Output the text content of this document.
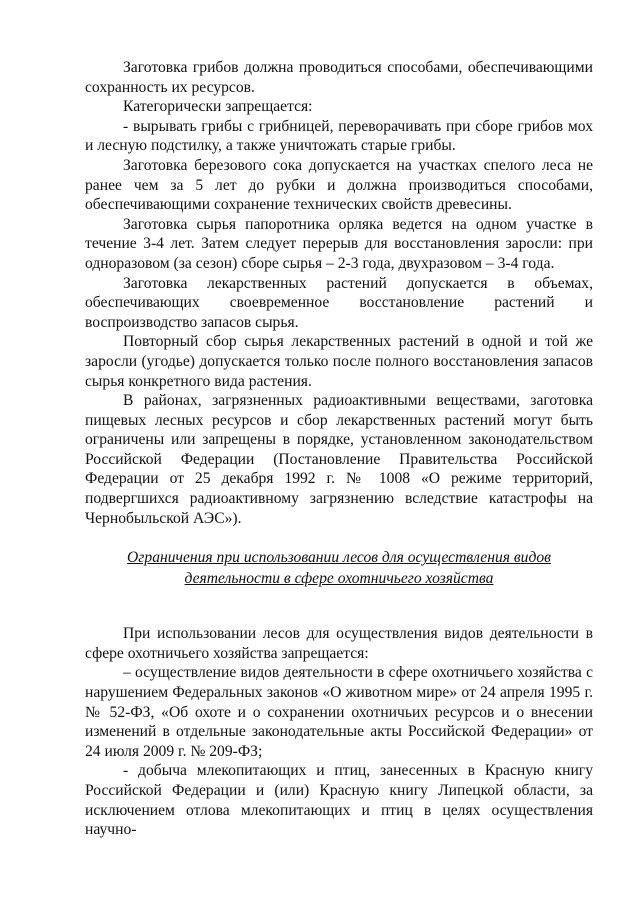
Заготовка грибов должна проводиться способами, обеспечивающими сохранность их ресурсов.

Категорически запрещается:

- вырывать грибы с грибницей, переворачивать при сборе грибов мох и лесную подстилку, а также уничтожать старые грибы.

Заготовка березового сока допускается на участках спелого леса не ранее чем за 5 лет до рубки и должна производиться способами, обеспечивающими сохранение технических свойств древесины.

Заготовка сырья папоротника орляка ведется на одном участке в течение 3-4 лет. Затем следует перерыв для восстановления заросли: при одноразовом (за сезон) сборе сырья – 2-3 года, двухразовом – 3-4 года.

Заготовка лекарственных растений допускается в объемах, обеспечивающих своевременное восстановление растений и воспроизводство запасов сырья.

Повторный сбор сырья лекарственных растений в одной и той же заросли (угодье) допускается только после полного восстановления запасов сырья конкретного вида растения.

В районах, загрязненных радиоактивными веществами, заготовка пищевых лесных ресурсов и сбор лекарственных растений могут быть ограничены или запрещены в порядке, установленном законодательством Российской Федерации (Постановление Правительства Российской Федерации от 25 декабря 1992 г. № 1008 «О режиме территорий, подвергшихся радиоактивному загрязнению вследствие катастрофы на Чернобыльской АЭС»).

Ограничения при использовании лесов для осуществления видов
деятельности в сфере охотничьего хозяйства

При использовании лесов для осуществления видов деятельности в сфере охотничьего хозяйства запрещается:

– осуществление видов деятельности в сфере охотничьего хозяйства с нарушением Федеральных законов «О животном мире» от 24 апреля 1995 г. № 52-ФЗ, «Об охоте и о сохранении охотничьих ресурсов и о внесении изменений в отдельные законодательные акты Российской Федерации» от 24 июля 2009 г. № 209-ФЗ;

- добыча млекопитающих и птиц, занесенных в Красную книгу Российской Федерации и (или) Красную книгу Липецкой области, за исключением отлова млекопитающих и птиц в целях осуществления научно-
